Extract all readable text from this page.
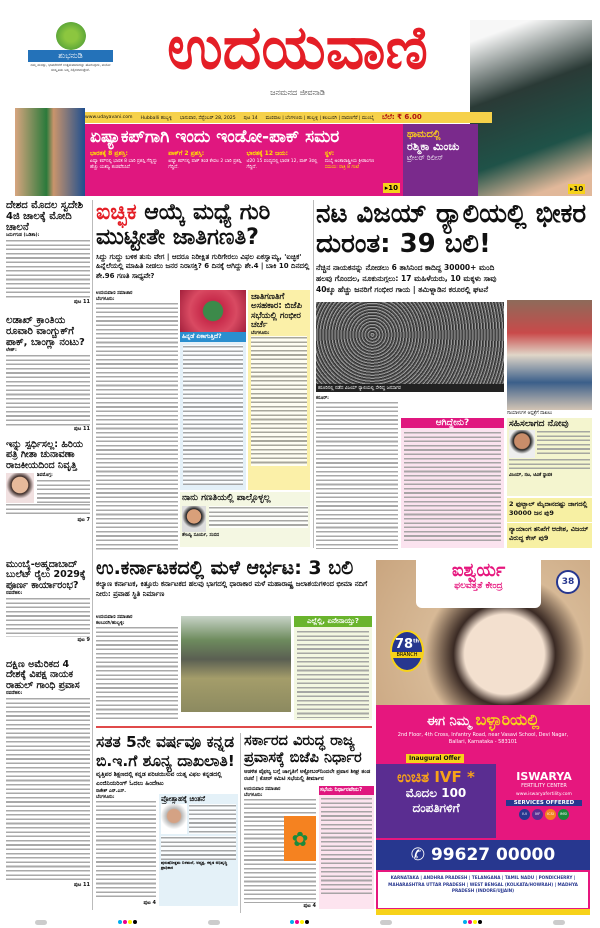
ಶುಭನುಡಿ
ನಮ್ಮ ಮನಸ್ಸು, ಭಾವನೆಗಳಿಗೆ ಉತ್ತಮವಾದುದನ್ನು ಹೊರುವುದು, ಮನೋ ಸಂಸ್ಕೃತಿಯ ಬಲ್ಲ ಶಿಲ್ಪಿಗಳಾಗುತ್ತೇವೆ.	ಉದಯವಾಣಿ
ಜನಮನದ ಜೀವನಾಡಿ
www.udayavani.com Hubballi ಹುಬ್ಬಳ್ಳಿ ಭಾನುವಾರ, ಸೆಪ್ಟೆಂಬರ್ 28, 2025 ಪುಟ 14 ಮಣಿಪಾಲ | ಬೆಂಗಳೂರು | ಹುಬ್ಬಳ್ಳಿ | ಕಲಬುರಗಿ | ದಾವಣಗೆರೆ | ಮುಂಬೈ ಬೆಲೆ: ₹ 6.00
ಏಷ್ಯಾಕಪ್‌ಗಾಗಿ ಇಂದು ಇಂಡೋ-ಪಾಕ್ ಸಮರ
ಭಾರತಕ್ಕೆ 8 ಪ್ರಶಸ್ತಿ:
ಏಷ್ಯಾ ಕಪ್‌ನಲ್ಲಿ ಭಾರತ 8 ಬಾರಿ ಪ್ರಶಸ್ತಿ ಗೆದ್ದಿದ್ದು ಹೆಚ್ಚು ಯಶಸ್ವಿ ತಂಡವೆನಿಸಿದೆ
ಪಾಕ್‌ಗೆ 2 ಪ್ರಶಸ್ತಿ:
ಏಷ್ಯಾ ಕಪ್‌ನಲ್ಲಿ ಪಾಕ್ ತಂಡ ಕೇವಲ 2 ಬಾರಿ ಪ್ರಶಸ್ತಿ ಗೆದ್ದಿದೆ.
ಭಾರತಕ್ಕೆ 12 ಜಯ:
ಟಿ20 15 ಪಂದ್ಯದಲ್ಲಿ ಭಾರತ 12, ಪಾಕ್ 3ರಲ್ಲಿ ಗೆದ್ದಿದೆ.
ಸ್ಥಳ:
ದುಬೈ ಅಂತಾರಾಷ್ಟ್ರೀಯ ಕ್ರೀಡಾಂಗಣ
ಸಮಯ: ರಾತ್ರಿ 8 ಗಂಟೆ
▸10
ಥಾಮದಲ್ಲಿ
ರಶ್ಮಿಕಾ ಮಿಂಚು
ಟ್ರೇಲರ್ ರಿಲೀಸ್
▸10
ದೇಶದ ಮೊದಲ ಸ್ವದೇಶಿ 4ಜಿ ಜಾಲಕ್ಕೆ ಮೋದಿ ಚಾಲನೆ
ಜರ್ಸುಗುಡ (ಒಡಿಶಾ):
ಪುಟ 11
ಲಡಾಖ್ ಕ್ರಾಂತಿಯ ರೂವಾರಿ ವಾಂಗ್ಚುಕ್‌ಗೆ ಪಾಕ್, ಬಾಂಗ್ಲಾ ನಂಟು?
ಲೇಹ್:
ಪುಟ 11
ಇನ್ನು ಸ್ಪರ್ಧಿಸಲ್ಲ: ಹಿರಿಯ ಪತ್ರಿ ಗೀತಾ ಚುನಾವಣಾ ರಾಜಕೀಯದಿಂದ ನಿವೃತ್ತಿ
ಶಿವಮೊಗ್ಗ:
ಪುಟ 7
ಮುಂಬೈ-ಅಹ್ಮದಾಬಾದ್ ಬುಲೆಟ್ ರೈಲು 2029ಕ್ಕೆ ಪೂರ್ಣ ಕಾರ್ಯಾರಂಭ?
ನವದೆಹಲಿ:
ಪುಟ 9
ದಕ್ಷಿಣ ಅಮೆರಿಕದ 4 ದೇಶಕ್ಕೆ ವಿಪಕ್ಷ ನಾಯಕ ರಾಹುಲ್ ಗಾಂಧಿ ಪ್ರವಾಸ
ನವದೆಹಲಿ:
ಪುಟ 11
ಐಚ್ಛಿಕ ಆಯ್ಕೆ ಮಧ್ಯೆ ಗುರಿ ಮುಟ್ಟೀತೇ ಜಾತಿಗಣತಿ?
ಸಿದ್ದು ಗುದ್ದು ಬಳಿಕ ತುಸು ವೇಗ | ಆದರೂ ನಿರೀಕ್ಷಿತ ಗುರಿಗೇರಲು ವಿಫಲ ಏಕಸ್ವಾಮ್ಯ, 'ಐಚ್ಛಿಕ' ಹಿನ್ನೆಲೆಯಲ್ಲಿ ಮಾಹಿತಿ ನೀಡಲು ಜನರ ನಿರಾಸಕ್ತಿ? 6 ದಿನಕ್ಕೆ ಆಗಿದ್ದು ಶೇ.4 | ಬಾಕಿ 10 ದಿನದಲ್ಲಿ ಶೇ.96 ಗಣತಿ ಸಾಧ್ಯವೇ?
ಉದಯವಾಣಿ ಸಮಾಚಾರ
ಬೆಂಗಳೂರು:
ಹಿನ್ನಡೆ ಏಕಾಗುತ್ತಿದೆ?
ಜಾತಿಗಣತಿಗೆ ಅಸಹಕಾರ: ಬಿಜೆಪಿ ಸಭೆಯಲ್ಲಿ ಗಂಭೀರ ಚರ್ಚೆ
ಬೆಂಗಳೂರು:
ನಾನು ಗಣತಿಯಲ್ಲಿ ಪಾಲ್ಗೊಳ್ಳಲ್ಲ
ತೇಜಸ್ವಿ ಸೂರ್ಯ, ಸಂಸದ
ನಟ ವಿಜಯ್ ರ್‍ಯಾಲಿಯಲ್ಲಿ ಭೀಕರ ದುರಂತ: 39 ಬಲಿ!
ನೆಚ್ಚಿನ ನಾಯಕನನ್ನು ನೋಡಲು 6 ತಾಸಿನಿಂದ ಕಾದಿದ್ದ 30000+ ಮಂದಿ
ಹಲವು ಗೊಂದಲ, ನೂಕುನುಗ್ಗಲು: 17 ಮಹಿಳೆಯರು, 10 ಮಕ್ಕಳು ಸಾವು
40ಕ್ಕೂ ಹೆಚ್ಚು ಜನರಿಗೆ ಗಂಭೀರ ಗಾಯ | ತಮಿಳ್ನಾಡಿನ ಕರೂರಲ್ಲಿ ಘಟನೆ
ಕರೂರಿನಲ್ಲಿ ನಡೆದ ವಿಜಯ್ ರ್‍ಯಾಲಿಯಲ್ಲಿ ಸೇರಿದ್ದ ಜನಸಾಗರ
ಗಾಯಾಳುಗಳ ಆಸ್ಪತ್ರೆಗೆ ದಾಖಲು
ಕರೂರ್:
ಆಗಿದ್ದೇನು?	ಸಹಿಸಲಾಗದ ನೋವು
ವಿಜಯ್, ನಟ, ಟಿವಿಕೆ ಸ್ಥಾಪಕ
2 ಫುಟ್ಬಾಲ್ ಮೈದಾನದಷ್ಟು ಜಾಗದಲ್ಲಿ 30000 ಜನ ಪು9
ನ್ಯಾಯಾಂಗ ತನಿಖೆಗೆ ಆದೇಶ, ವಿಜಯ್ ವಿರುದ್ಧ ಕೇಸ್ ಪು9
ಉ.ಕರ್ನಾಟಕದಲ್ಲಿ ಮಳೆ ಆರ್ಭಟ: 3 ಬಲಿ
ಕಲ್ಯಾಣ ಕರ್ನಾಟಕ, ಕಿತ್ತೂರು ಕರ್ನಾಟಕದ ಹಲವು ಭಾಗದಲ್ಲಿ ಧಾರಾಕಾರ ಮಳೆ ಮಹಾರಾಷ್ಟ್ರ ಜಲಾಶಯಗಳಿಂದ ಭೀಮಾ ನದಿಗೆ ನೀರು: ಪ್ರವಾಹ ಸ್ಥಿತಿ ನಿರ್ಮಾಣ
ಉದಯವಾಣಿ ಸಮಾಚಾರ
ಕಲಬುರಗಿ/ಹುಬ್ಬಳ್ಳಿ:	ಎಲ್ಲೆಲ್ಲಿ, ಏನೇನಾಯ್ತು?
ಸತತ 5ನೇ ವರ್ಷವೂ ಕನ್ನಡ ಬಿ.ಇ.ಗೆ ಶೂನ್ಯ ದಾಖಲಾತಿ!
ವೃತ್ತಿಪರ ಶಿಕ್ಷಣದಲ್ಲಿ ಕನ್ನಡ ಪರಿಚಯಿಸುವ ಯತ್ನ ವಿಫಲ ಕನ್ನಡದಲ್ಲಿ ಎಂಜಿನಿಯರಿಂಗ್ ಓದಲು ಹಿಂದೇಟು
ರಾಕೇಶ್ ಎನ್.ಎಸ್.
ಬೆಂಗಳೂರು:
ಪುಟ 4
ಪ್ರೋತ್ಸಾಹಕ್ಕೆ ಚಿಂತನೆ
ಪುರುಷೋತ್ತಮ ಬಿಳಿಮಲೆ, ಅಧ್ಯಕ್ಷ, ಕನ್ನಡ ಅಭಿವೃದ್ಧಿ ಪ್ರಾಧಿಕಾರ
ಸರ್ಕಾರದ ವಿರುದ್ಧ ರಾಜ್ಯ ಪ್ರವಾಸಕ್ಕೆ ಬಿಜೆಪಿ ನಿರ್ಧಾರ
ಆಡಳಿತ ವೈಫಲ್ಯ ಬಗ್ಗೆ ಜಾಗೃತಿಗೆ ಅಕ್ಟೋಬರ್‌ನಿಂದಲೇ ಪ್ರವಾಸ ಶೀಘ್ರ ತಂಡ ರಚನೆ | ಕೋರ್ ಕಮಿಟಿ ಸಭೆಯಲ್ಲಿ ತೀರ್ಮಾನ
ಉದಯವಾಣಿ ಸಮಾಚಾರ
ಬೆಂಗಳೂರು:
✿
ಪುಟ 4
ಸಭೆಯ ನಿರ್ಧಾರವೇನು?
ಐಶ್ವರ್ಯ
ಫಲವತ್ತತೆ ಕೇಂದ್ರ	38
78th
BRANCH
ಈಗ ನಿಮ್ಮ ಬಳ್ಳಾರಿಯಲ್ಲಿ
2nd Floor, 4th Cross, Infantry Road, near Vasavi School, Devi Nagar, Ballari, Karnataka - 583101
Inaugural Offer
ಉಚಿತ IVF *
ಮೊದಲ 100
ದಂಪತಿಗಳಿಗೆ
ISWARYA
FERTILITY CENTER
www.iswaryafertility.com
SERVICES OFFERED
IUI	IVF	ICSI	IMSI
✆ 99627 00000
KARNATAKA | ANDHRA PRADESH | TELANGANA | TAMIL NADU | PONDICHERRY | MAHARASHTRA UTTAR PRADESH | WEST BENGAL (KOLKATA/HOWRAH) | MADHYA PRADESH (INDORE/UJJAIN)
